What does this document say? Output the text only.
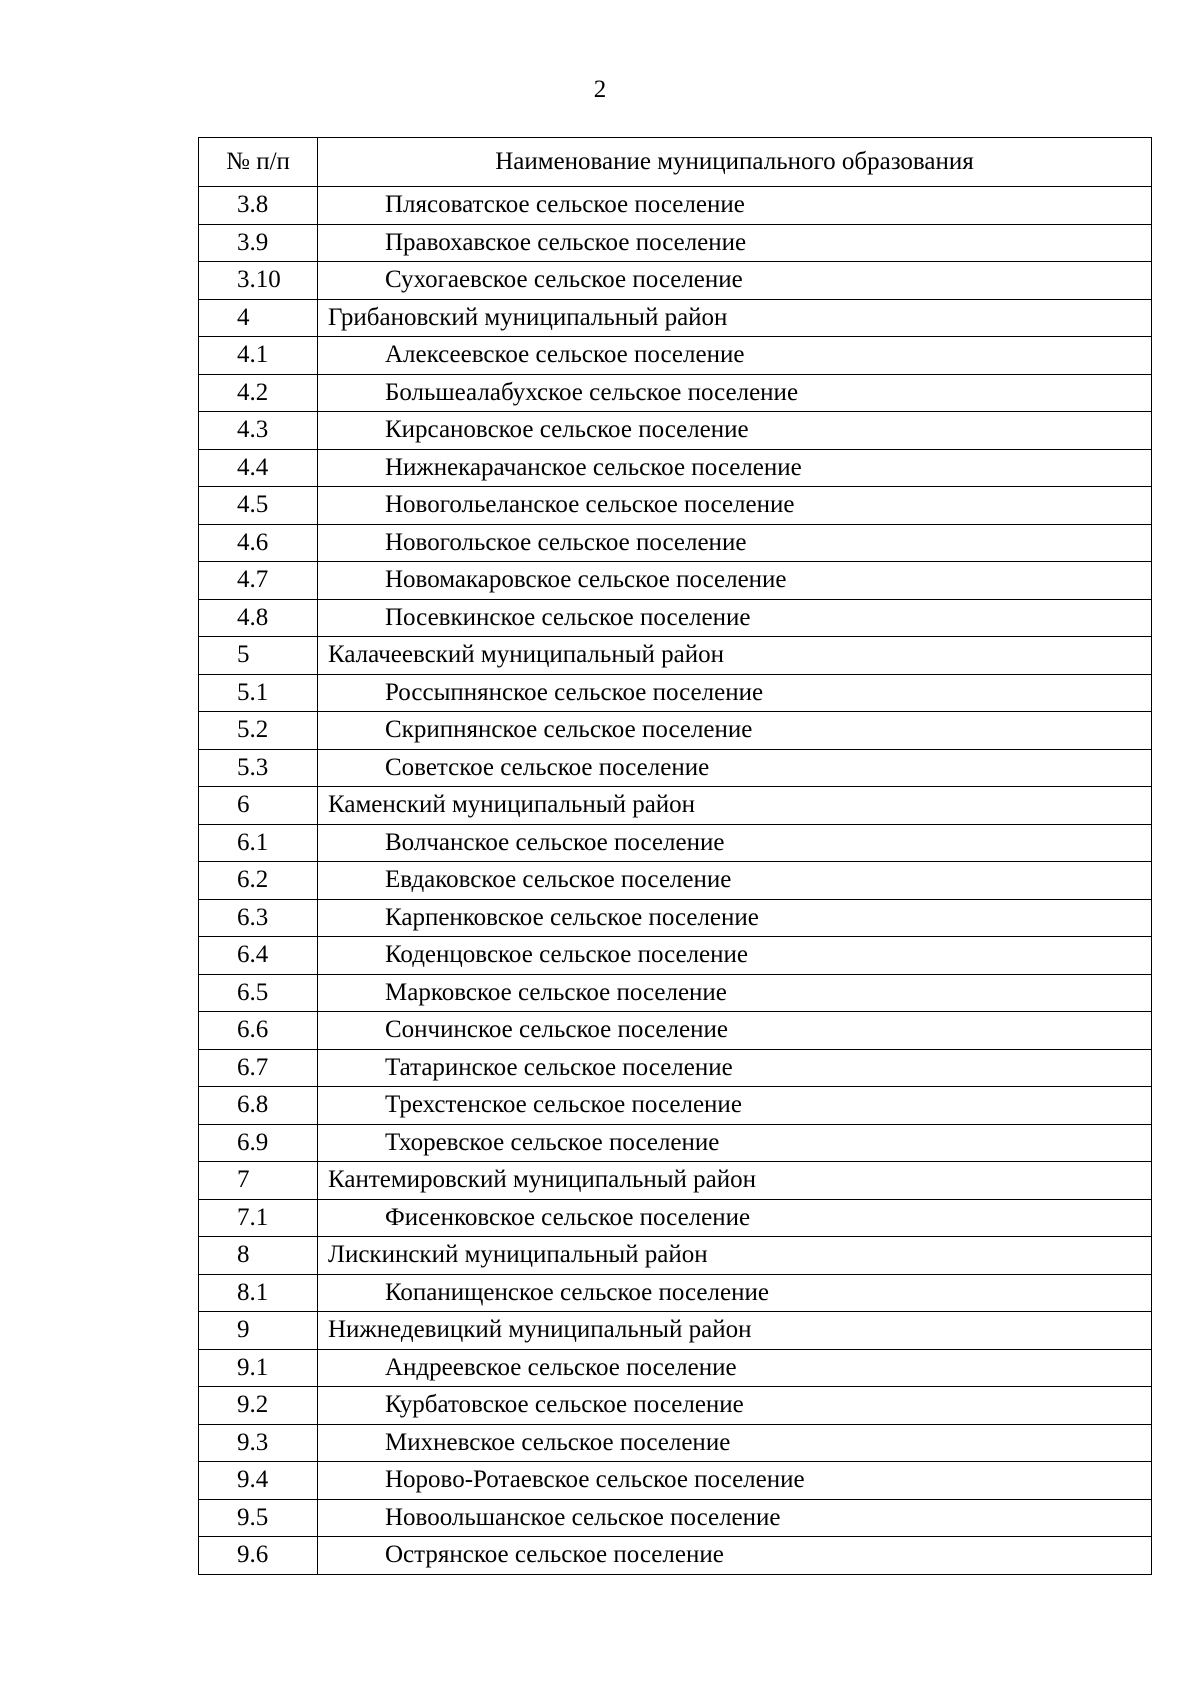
2
№ п/п	Наименование муниципального образования
3.8	Плясоватское сельское поселение
3.9	Правохавское сельское поселение
3.10	Сухогаевское сельское поселение
4	Грибановский муниципальный район
4.1	Алексеевское сельское поселение
4.2	Большеалабухское сельское поселение
4.3	Кирсановское сельское поселение
4.4	Нижнекарачанское сельское поселение
4.5	Новогольеланское сельское поселение
4.6	Новогольское сельское поселение
4.7	Новомакаровское сельское поселение
4.8	Посевкинское сельское поселение
5	Калачеевский муниципальный район
5.1	Россыпнянское сельское поселение
5.2	Скрипнянское сельское поселение
5.3	Советское сельское поселение
6	Каменский муниципальный район
6.1	Волчанское сельское поселение
6.2	Евдаковское сельское поселение
6.3	Карпенковское сельское поселение
6.4	Коденцовское сельское поселение
6.5	Марковское сельское поселение
6.6	Сончинское сельское поселение
6.7	Татаринское сельское поселение
6.8	Трехстенское сельское поселение
6.9	Тхоревское сельское поселение
7	Кантемировский муниципальный район
7.1	Фисенковское сельское поселение
8	Лискинский муниципальный район
8.1	Копанищенское сельское поселение
9	Нижнедевицкий муниципальный район
9.1	Андреевское сельское поселение
9.2	Курбатовское сельское поселение
9.3	Михневское сельское поселение
9.4	Норово-Ротаевское сельское поселение
9.5	Новоольшанское сельское поселение
9.6	Острянское сельское поселение
